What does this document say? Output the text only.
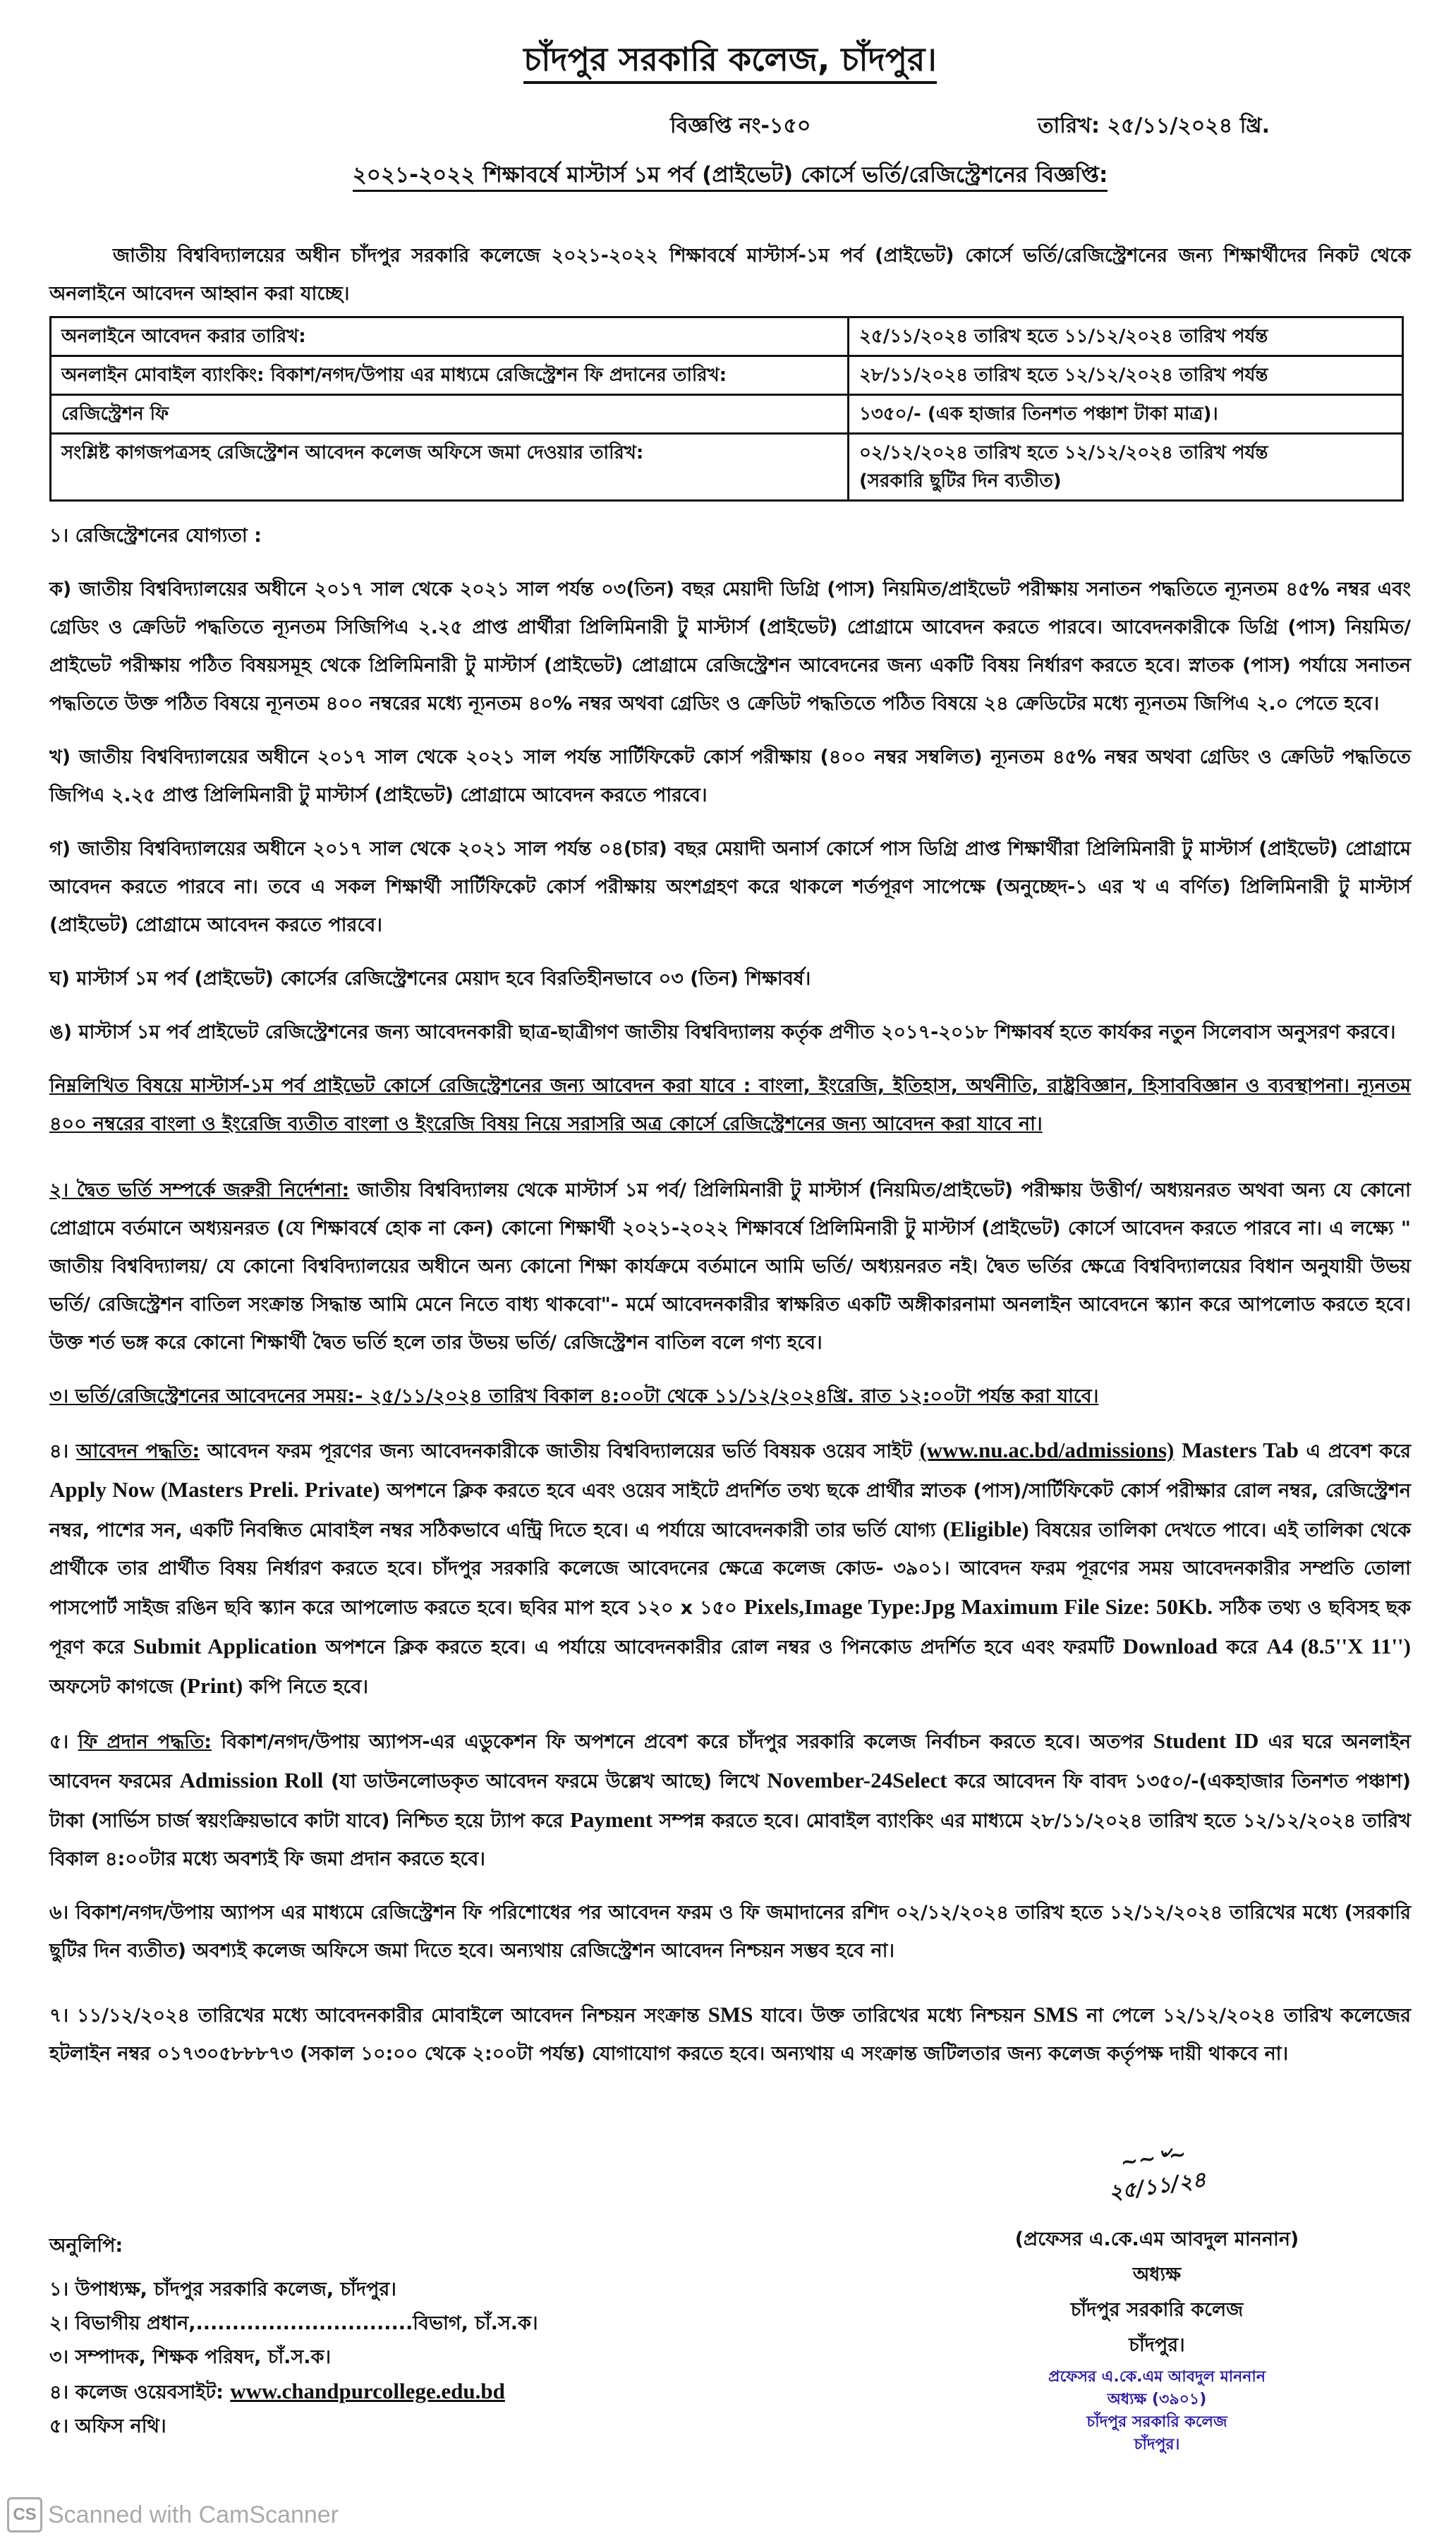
চাঁদপুর সরকারি কলেজ, চাঁদপুর।
বিজ্ঞপ্তি নং-১৫০	তারিখ: ২৫/১১/২০২৪ খ্রি.
২০২১-২০২২ শিক্ষাবর্ষে মাস্টার্স ১ম পর্ব (প্রাইভেট) কোর্সে ভর্তি/রেজিস্ট্রেশনের বিজ্ঞপ্তি:

জাতীয় বিশ্ববিদ্যালয়ের অধীন চাঁদপুর সরকারি কলেজে ২০২১-২০২২ শিক্ষাবর্ষে মাস্টার্স-১ম পর্ব (প্রাইভেট) কোর্সে ভর্তি/রেজিস্ট্রেশনের জন্য শিক্ষার্থীদের নিকট থেকে অনলাইনে আবেদন আহ্বান করা যাচ্ছে।

অনলাইনে আবেদন করার তারিখ:	২৫/১১/২০২৪ তারিখ হতে ১১/১২/২০২৪ তারিখ পর্যন্ত
অনলাইন মোবাইল ব্যাংকিং: বিকাশ/নগদ/উপায় এর মাধ্যমে রেজিস্ট্রেশন ফি প্রদানের তারিখ:	২৮/১১/২০২৪ তারিখ হতে ১২/১২/২০২৪ তারিখ পর্যন্ত
রেজিস্ট্রেশন ফি	১৩৫০/- (এক হাজার তিনশত পঞ্চাশ টাকা মাত্র)।
সংশ্লিষ্ট কাগজপত্রসহ রেজিস্ট্রেশন আবেদন কলেজ অফিসে জমা দেওয়ার তারিখ:	০২/১২/২০২৪ তারিখ হতে ১২/১২/২০২৪ তারিখ পর্যন্ত
(সরকারি ছুটির দিন ব্যতীত)

১। রেজিস্ট্রেশনের যোগ্যতা :

ক) জাতীয় বিশ্ববিদ্যালয়ের অধীনে ২০১৭ সাল থেকে ২০২১ সাল পর্যন্ত ০৩(তিন) বছর মেয়াদী ডিগ্রি (পাস) নিয়মিত/প্রাইভেট পরীক্ষায় সনাতন পদ্ধতিতে ন্যূনতম ৪৫% নম্বর এবং গ্রেডিং ও ক্রেডিট পদ্ধতিতে ন্যূনতম সিজিপিএ ২.২৫ প্রাপ্ত প্রার্থীরা প্রিলিমিনারী টু মাস্টার্স (প্রাইভেট) প্রোগ্রামে আবেদন করতে পারবে। আবেদনকারীকে ডিগ্রি (পাস) নিয়মিত/প্রাইভেট পরীক্ষায় পঠিত বিষয়সমূহ থেকে প্রিলিমিনারী টু মাস্টার্স (প্রাইভেট) প্রোগ্রামে রেজিস্ট্রেশন আবেদনের জন্য একটি বিষয় নির্ধারণ করতে হবে। স্নাতক (পাস) পর্যায়ে সনাতন পদ্ধতিতে উক্ত পঠিত বিষয়ে ন্যূনতম ৪০০ নম্বরের মধ্যে ন্যূনতম ৪০% নম্বর অথবা গ্রেডিং ও ক্রেডিট পদ্ধতিতে পঠিত বিষয়ে ২৪ ক্রেডিটের মধ্যে ন্যূনতম জিপিএ ২.০ পেতে হবে।

খ) জাতীয় বিশ্ববিদ্যালয়ের অধীনে ২০১৭ সাল থেকে ২০২১ সাল পর্যন্ত সার্টিফিকেট কোর্স পরীক্ষায় (৪০০ নম্বর সম্বলিত) ন্যূনতম ৪৫% নম্বর অথবা গ্রেডিং ও ক্রেডিট পদ্ধতিতে জিপিএ ২.২৫ প্রাপ্ত প্রিলিমিনারী টু মাস্টার্স (প্রাইভেট) প্রোগ্রামে আবেদন করতে পারবে।

গ) জাতীয় বিশ্ববিদ্যালয়ের অধীনে ২০১৭ সাল থেকে ২০২১ সাল পর্যন্ত ০৪(চার) বছর মেয়াদী অনার্স কোর্সে পাস ডিগ্রি প্রাপ্ত শিক্ষার্থীরা প্রিলিমিনারী টু মাস্টার্স (প্রাইভেট) প্রোগ্রামে আবেদন করতে পারবে না। তবে এ সকল শিক্ষার্থী সার্টিফিকেট কোর্স পরীক্ষায় অংশগ্রহণ করে থাকলে শর্তপূরণ সাপেক্ষে (অনুচ্ছেদ-১ এর খ এ বর্ণিত) প্রিলিমিনারী টু মাস্টার্স (প্রাইভেট) প্রোগ্রামে আবেদন করতে পারবে।

ঘ) মাস্টার্স ১ম পর্ব (প্রাইভেট) কোর্সের রেজিস্ট্রেশনের মেয়াদ হবে বিরতিহীনভাবে ০৩ (তিন) শিক্ষাবর্ষ।

ঙ) মাস্টার্স ১ম পর্ব প্রাইভেট রেজিস্ট্রেশনের জন্য আবেদনকারী ছাত্র-ছাত্রীগণ জাতীয় বিশ্ববিদ্যালয় কর্তৃক প্রণীত ২০১৭-২০১৮ শিক্ষাবর্ষ হতে কার্যকর নতুন সিলেবাস অনুসরণ করবে।

নিম্নলিখিত বিষয়ে মাস্টার্স-১ম পর্ব প্রাইভেট কোর্সে রেজিস্ট্রেশনের জন্য আবেদন করা যাবে : বাংলা, ইংরেজি, ইতিহাস, অর্থনীতি, রাষ্ট্রবিজ্ঞান, হিসাববিজ্ঞান ও ব্যবস্থাপনা। ন্যূনতম ৪০০ নম্বরের বাংলা ও ইংরেজি ব্যতীত বাংলা ও ইংরেজি বিষয় নিয়ে সরাসরি অত্র কোর্সে রেজিস্ট্রেশনের জন্য আবেদন করা যাবে না।

২। দ্বৈত ভর্তি সম্পর্কে জরুরী নির্দেশনা: জাতীয় বিশ্ববিদ্যালয় থেকে মাস্টার্স ১ম পর্ব/ প্রিলিমিনারী টু মাস্টার্স (নিয়মিত/প্রাইভেট) পরীক্ষায় উত্তীর্ণ/ অধ্যয়নরত অথবা অন্য যে কোনো প্রোগ্রামে বর্তমানে অধ্যয়নরত (যে শিক্ষাবর্ষে হোক না কেন) কোনো শিক্ষার্থী ২০২১-২০২২ শিক্ষাবর্ষে প্রিলিমিনারী টু মাস্টার্স (প্রাইভেট) কোর্সে আবেদন করতে পারবে না। এ লক্ষ্যে " জাতীয় বিশ্ববিদ্যালয়/ যে কোনো বিশ্ববিদ্যালয়ের অধীনে অন্য কোনো শিক্ষা কার্যক্রমে বর্তমানে আমি ভর্তি/ অধ্যয়নরত নই। দ্বৈত ভর্তির ক্ষেত্রে বিশ্ববিদ্যালয়ের বিধান অনুযায়ী উভয় ভর্তি/ রেজিস্ট্রেশন বাতিল সংক্রান্ত সিদ্ধান্ত আমি মেনে নিতে বাধ্য থাকবো"- মর্মে আবেদনকারীর স্বাক্ষরিত একটি অঙ্গীকারনামা অনলাইন আবেদনে স্ক্যান করে আপলোড করতে হবে। উক্ত শর্ত ভঙ্গ করে কোনো শিক্ষার্থী দ্বৈত ভর্তি হলে তার উভয় ভর্তি/ রেজিস্ট্রেশন বাতিল বলে গণ্য হবে।

৩। ভর্তি/রেজিস্ট্রেশনের আবেদনের সময়:- ২৫/১১/২০২৪ তারিখ বিকাল ৪:০০টা থেকে ১১/১২/২০২৪খ্রি. রাত ১২:০০টা পর্যন্ত করা যাবে।

৪। আবেদন পদ্ধতি: আবেদন ফরম পূরণের জন্য আবেদনকারীকে জাতীয় বিশ্ববিদ্যালয়ের ভর্তি বিষয়ক ওয়েব সাইট (www.nu.ac.bd/admissions) Masters Tab এ প্রবেশ করে Apply Now (Masters Preli. Private) অপশনে ক্লিক করতে হবে এবং ওয়েব সাইটে প্রদর্শিত তথ্য ছকে প্রার্থীর স্নাতক (পাস)/সার্টিফিকেট কোর্স পরীক্ষার রোল নম্বর, রেজিস্ট্রেশন নম্বর, পাশের সন, একটি নিবন্ধিত মোবাইল নম্বর সঠিকভাবে এন্ট্রি দিতে হবে। এ পর্যায়ে আবেদনকারী তার ভর্তি যোগ্য (Eligible) বিষয়ের তালিকা দেখতে পাবে। এই তালিকা থেকে প্রার্থীকে তার প্রার্থীত বিষয় নির্ধারণ করতে হবে। চাঁদপুর সরকারি কলেজে আবেদনের ক্ষেত্রে কলেজ কোড- ৩৯০১। আবেদন ফরম পূরণের সময় আবেদনকারীর সম্প্রতি তোলা পাসপোর্ট সাইজ রঙিন ছবি স্ক্যান করে আপলোড করতে হবে। ছবির মাপ হবে ১২০ x ১৫০ Pixels,Image Type:Jpg Maximum File Size: 50Kb. সঠিক তথ্য ও ছবিসহ ছক পূরণ করে Submit Application অপশনে ক্লিক করতে হবে। এ পর্যায়ে আবেদনকারীর রোল নম্বর ও পিনকোড প্রদর্শিত হবে এবং ফরমটি Download করে A4 (8.5''X 11'') অফসেট কাগজে (Print) কপি নিতে হবে।

৫। ফি প্রদান পদ্ধতি: বিকাশ/নগদ/উপায় অ্যাপস-এর এডুকেশন ফি অপশনে প্রবেশ করে চাঁদপুর সরকারি কলেজ নির্বাচন করতে হবে। অতপর Student ID এর ঘরে অনলাইন আবেদন ফরমের Admission Roll (যা ডাউনলোডকৃত আবেদন ফরমে উল্লেখ আছে) লিখে November-24Select করে আবেদন ফি বাবদ ১৩৫০/-(একহাজার তিনশত পঞ্চাশ) টাকা (সার্ভিস চার্জ স্বয়ংক্রিয়ভাবে কাটা যাবে) নিশ্চিত হয়ে ট্যাপ করে Payment সম্পন্ন করতে হবে। মোবাইল ব্যাংকিং এর মাধ্যমে ২৮/১১/২০২৪ তারিখ হতে ১২/১২/২০২৪ তারিখ বিকাল ৪:০০টার মধ্যে অবশ্যই ফি জমা প্রদান করতে হবে।

৬। বিকাশ/নগদ/উপায় অ্যাপস এর মাধ্যমে রেজিস্ট্রেশন ফি পরিশোধের পর আবেদন ফরম ও ফি জমাদানের রশিদ ০২/১২/২০২৪ তারিখ হতে ১২/১২/২০২৪ তারিখের মধ্যে (সরকারি ছুটির দিন ব্যতীত) অবশ্যই কলেজ অফিসে জমা দিতে হবে। অন্যথায় রেজিস্ট্রেশন আবেদন নিশ্চয়ন সম্ভব হবে না।

৭। ১১/১২/২০২৪ তারিখের মধ্যে আবেদনকারীর মোবাইলে আবেদন নিশ্চয়ন সংক্রান্ত SMS যাবে। উক্ত তারিখের মধ্যে নিশ্চয়ন SMS না পেলে ১২/১২/২০২৪ তারিখ কলেজের হটলাইন নম্বর ০১৭৩০৫৮৮৮৭৩ (সকাল ১০:০০ থেকে ২:০০টা পর্যন্ত) যোগাযোগ করতে হবে। অন্যথায় এ সংক্রান্ত জটিলতার জন্য কলেজ কর্তৃপক্ষ দায়ী থাকবে না।

অনুলিপি:
১। উপাধ্যক্ষ, চাঁদপুর সরকারি কলেজ, চাঁদপুর।
২। বিভাগীয় প্রধান,..............................বিভাগ, চাঁ.স.ক।
৩। সম্পাদক, শিক্ষক পরিষদ, চাঁ.স.ক।
৪। কলেজ ওয়েবসাইট: www.chandpurcollege.edu.bd
৫। অফিস নথি।
~~৺~
২৫/১১/২৪
(প্রফেসর এ.কে.এম আবদুল মাননান)
অধ্যক্ষ
চাঁদপুর সরকারি কলেজ
চাঁদপুর।
প্রফেসর এ.কে.এম আবদুল মাননান
অধ্যক্ষ (৩৯০১)
চাঁদপুর সরকারি কলেজ
চাঁদপুর।
CS Scanned with CamScanner
